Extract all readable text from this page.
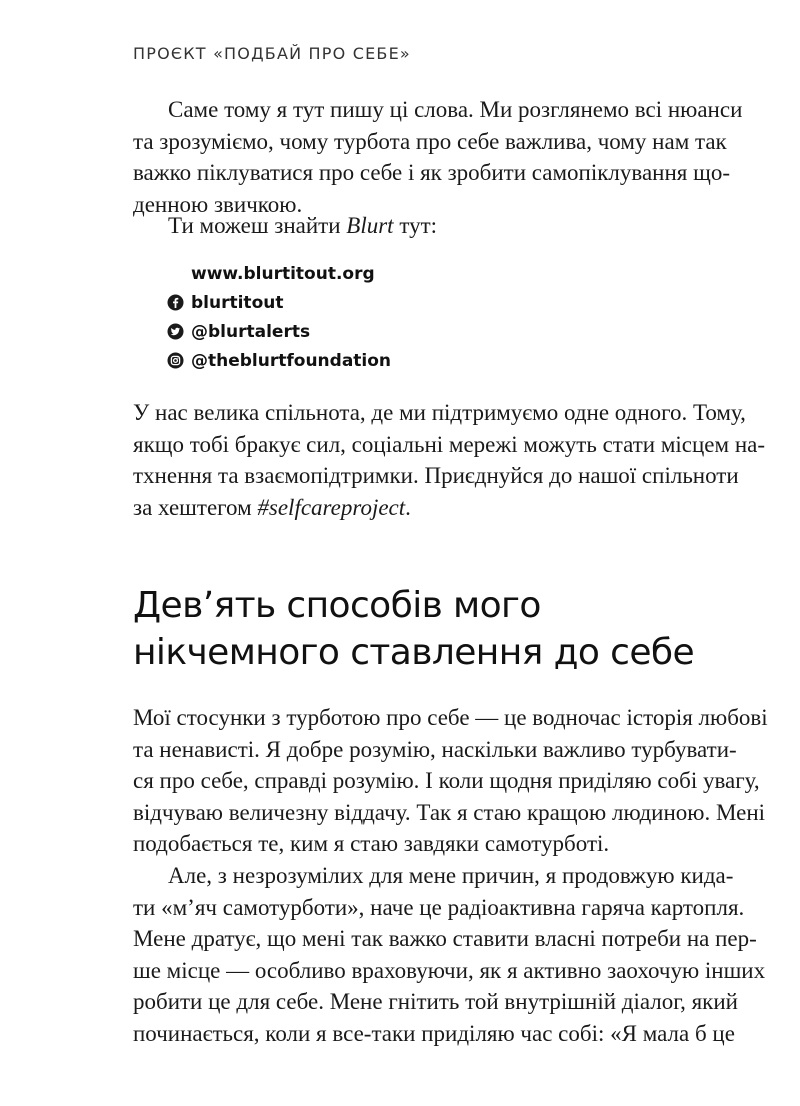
ПРОЄКТ «ПОДБАЙ ПРО СЕБЕ»
Саме тому я тут пишу ці слова. Ми розглянемо всі нюанси
та зрозуміємо, чому турбота про себе важлива, чому нам так
важко піклуватися про себе і як зробити самопіклування що-
денною звичкою.
Ти можеш знайти Blurt тут:
www.blurtitout.org
blurtitout
@blurtalerts
@theblurtfoundation
У нас велика спільнота, де ми підтримуємо одне одного. Тому,
якщо тобі бракує сил, соціальні мережі можуть стати місцем на-
тхнення та взаємопідтримки. Приєднуйся до нашої спільноти
за хештегом #selfcareproject.
Дев’ять способів мого
нікчемного ставлення до себе
Мої стосунки з турботою про себе — це водночас історія любові
та ненависті. Я добре розумію, наскільки важливо турбувати-
ся про себе, справді розумію. І коли щодня приділяю собі увагу,
відчуваю величезну віддачу. Так я стаю кращою людиною. Мені
подобається те, ким я стаю завдяки самотурботі.
Але, з незрозумілих для мене причин, я продовжую кида-
ти «м’яч самотурботи», наче це радіоактивна гаряча картопля.
Мене дратує, що мені так важко ставити власні потреби на пер-
ше місце — особливо враховуючи, як я активно заохочую інших
робити це для себе. Мене гнітить той внутрішній діалог, який
починається, коли я все-таки приділяю час собі: «Я мала б це
